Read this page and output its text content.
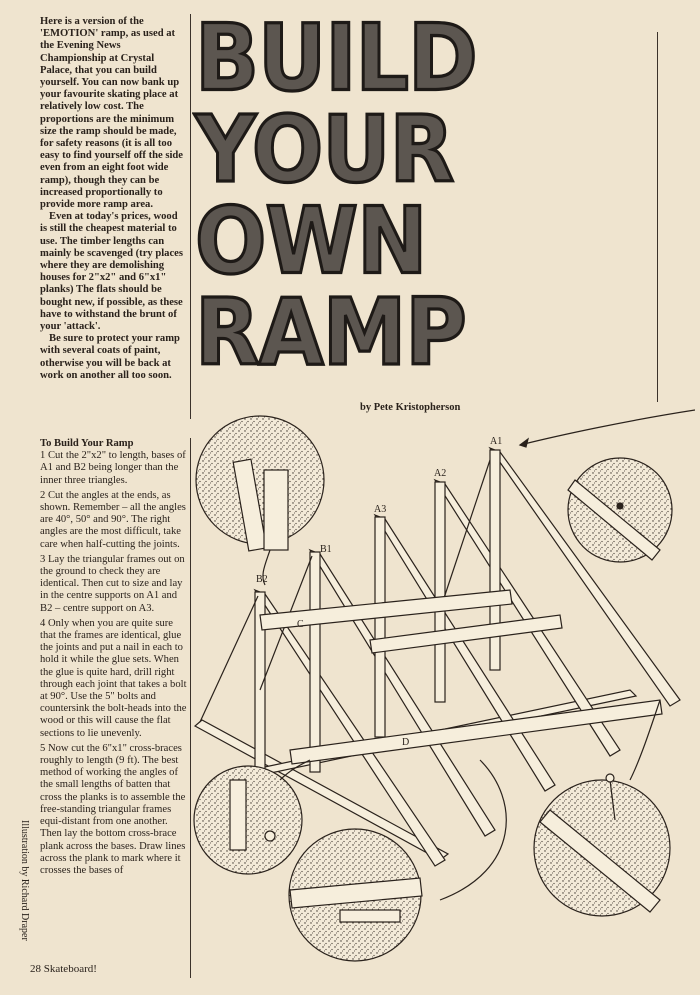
Here is a version of the 'EMOTION' ramp, as used at the Evening News Championship at Crystal Palace, that you can build yourself. You can now bank up your favourite skating place at relatively low cost. The proportions are the minimum size the ramp should be made, for safety reasons (it is all too easy to find yourself off the side even from an eight foot wide ramp), though they can be increased proportionally to provide more ramp area.

Even at today's prices, wood is still the cheapest material to use. The timber lengths can mainly be scavenged (try places where they are demolishing houses for 2"x2" and 6"x1" planks) The flats should be bought new, if possible, as these have to withstand the brunt of your 'attack'.

Be sure to protect your ramp with several coats of paint, otherwise you will be back at work on another all too soon.

BUILD
YOUR
OWN
RAMP
by Pete Kristopherson
To Build Your Ramp

1 Cut the 2"x2" to length, bases of A1 and B2 being longer than the inner three triangles.

2 Cut the angles at the ends, as shown. Remember – all the angles are 40°, 50° and 90°. The right angles are the most difficult, take care when half-cutting the joints.

3 Lay the triangular frames out on the ground to check they are identical. Then cut to size and lay in the centre supports on A1 and B2 – centre support on A3.

4 Only when you are quite sure that the frames are identical, glue the joints and put a nail in each to hold it while the glue sets. When the glue is quite hard, drill right through each joint that takes a bolt at 90°. Use the 5" bolts and countersink the bolt-heads into the wood or this will cause the flat sections to lie unevenly.

5 Now cut the 6"x1" cross-braces roughly to length (9 ft). The best method of working the angles of the small lengths of batten that cross the planks is to assemble the free-standing triangular frames equi-distant from one another. Then lay the bottom cross-brace plank across the bases. Draw lines across the plank to mark where it crosses the bases of

Illustration by Richard Draper
28 Skateboard!
A1
A2
A3
B1
B2
C
D
